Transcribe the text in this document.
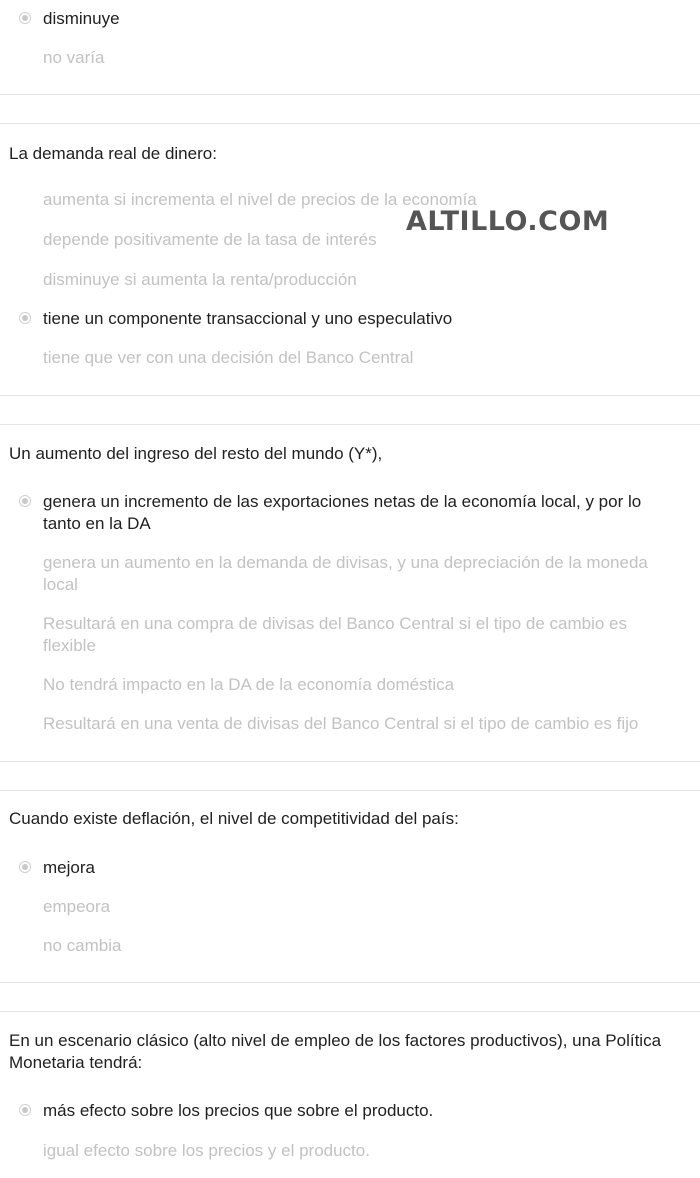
disminuye
no varía
La demanda real de dinero:
aumenta si incrementa el nivel de precios de la economía
depende positivamente de la tasa de interés
disminuye si aumenta la renta/producción
tiene un componente transaccional y uno especulativo
tiene que ver con una decisión del Banco Central
Un aumento del ingreso del resto del mundo (Y*),
genera un incremento de las exportaciones netas de la economía local, y por lo tanto en la DA
genera un aumento en la demanda de divisas, y una depreciación de la moneda local
Resultará en una compra de divisas del Banco Central si el tipo de cambio es flexible
No tendrá impacto en la DA de la economía doméstica
Resultará en una venta de divisas del Banco Central si el tipo de cambio es fijo
Cuando existe deflación, el nivel de competitividad del país:
mejora
empeora
no cambia
En un escenario clásico (alto nivel de empleo de los factores productivos), una Política Monetaria tendrá:
más efecto sobre los precios que sobre el producto.
igual efecto sobre los precios y el producto.
ALTILLO.COM
